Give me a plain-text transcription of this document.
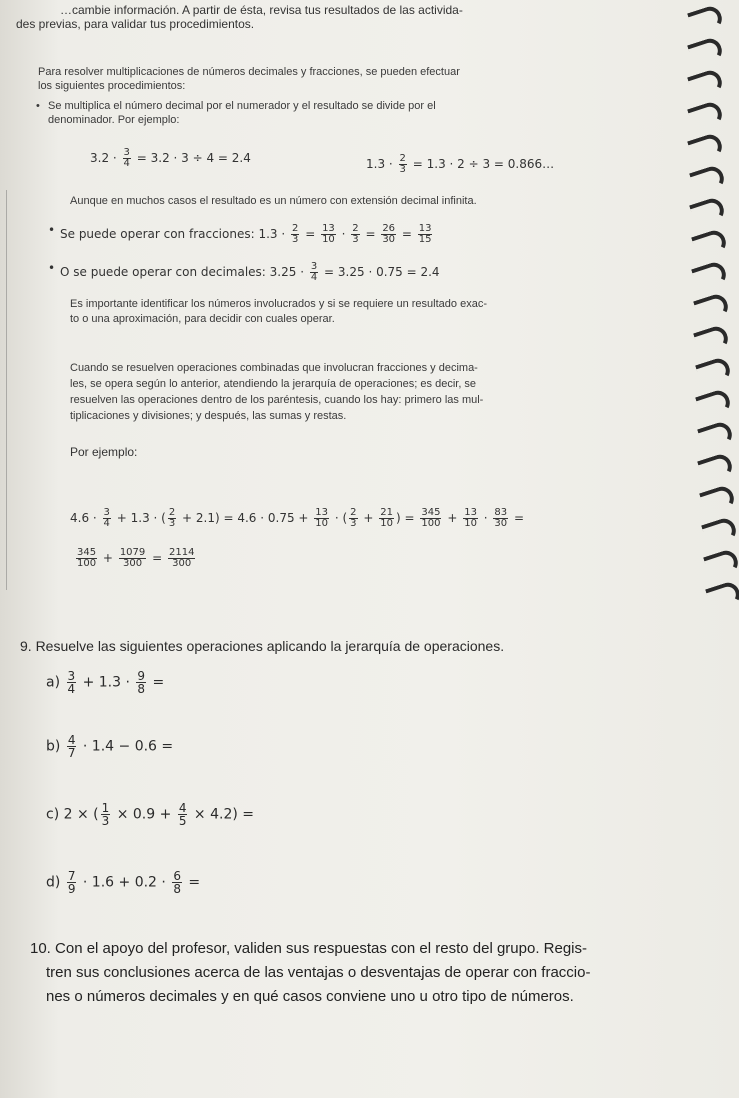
…cambie información. A partir de ésta, revisa tus resultados de las activida-
des previas, para validar tus procedimientos.
Para resolver multiplicaciones de números decimales y fracciones, se pueden efectuar
los siguientes procedimientos:
• Se multiplica el número decimal por el numerador y el resultado se divide por el
denominador. Por ejemplo:
$3.2 \cdot \frac{3}{4} = 3.2 \cdot 3 \div 4 = 2.4$	$1.3 \cdot \frac{2}{3} = 1.3 \cdot 2 \div 3$ = 0.866…
Aunque en muchos casos el resultado es un número con extensión decimal infinita.
• Se puede operar con fracciones: $1.3 \cdot \frac{2}{3} = \frac{13}{10} \cdot \frac{2}{3} = \frac{26}{30} = \frac{13}{15}$
• O se puede operar con decimales: $3.25 \cdot \frac{3}{4} = 3.25 \cdot 0.75 = 2.4$
Es importante identificar los números involucrados y si se requiere un resultado exac-
to o una aproximación, para decidir con cuales operar.
Cuando se resuelven operaciones combinadas que involucran fracciones y decima-
les, se opera según lo anterior, atendiendo la jerarquía de operaciones; es decir, se
resuelven las operaciones dentro de los paréntesis, cuando los hay: primero las mul-
tiplicaciones y divisiones; y después, las sumas y restas.
Por ejemplo:
$4.6 \cdot \frac{3}{4} + 1.3$ · ( $\frac{2}{3} + 2.1) = 4.6 \cdot 0.75 + \frac{13}{10}$ · ( $\frac{2}{3} + \frac{21}{10}$ ) = $\frac{345}{100} + \frac{13}{10} \cdot \frac{83}{30}$ =
$\frac{345}{100} + \frac{1079}{300} = \frac{2114}{300}$
9. Resuelve las siguientes operaciones aplicando la jerarquía de operaciones.
$a) \frac{3}{4} + 1.3 \cdot \frac{9}{8}$ =
$b) \frac{4}{7} \cdot 1.4 - 0.6$ =
c) 2 × ( $\frac{1}{3} \times 0.9 + \frac{4}{5} \times 4.2$) =
$d) \frac{7}{9} \cdot 1.6 + 0.2 \cdot \frac{6}{8}$ =
10. Con el apoyo del profesor, validen sus respuestas con el resto del grupo. Regis-
tren sus conclusiones acerca de las ventajas o desventajas de operar con fraccio-
nes o números decimales y en qué casos conviene uno u otro tipo de números.
